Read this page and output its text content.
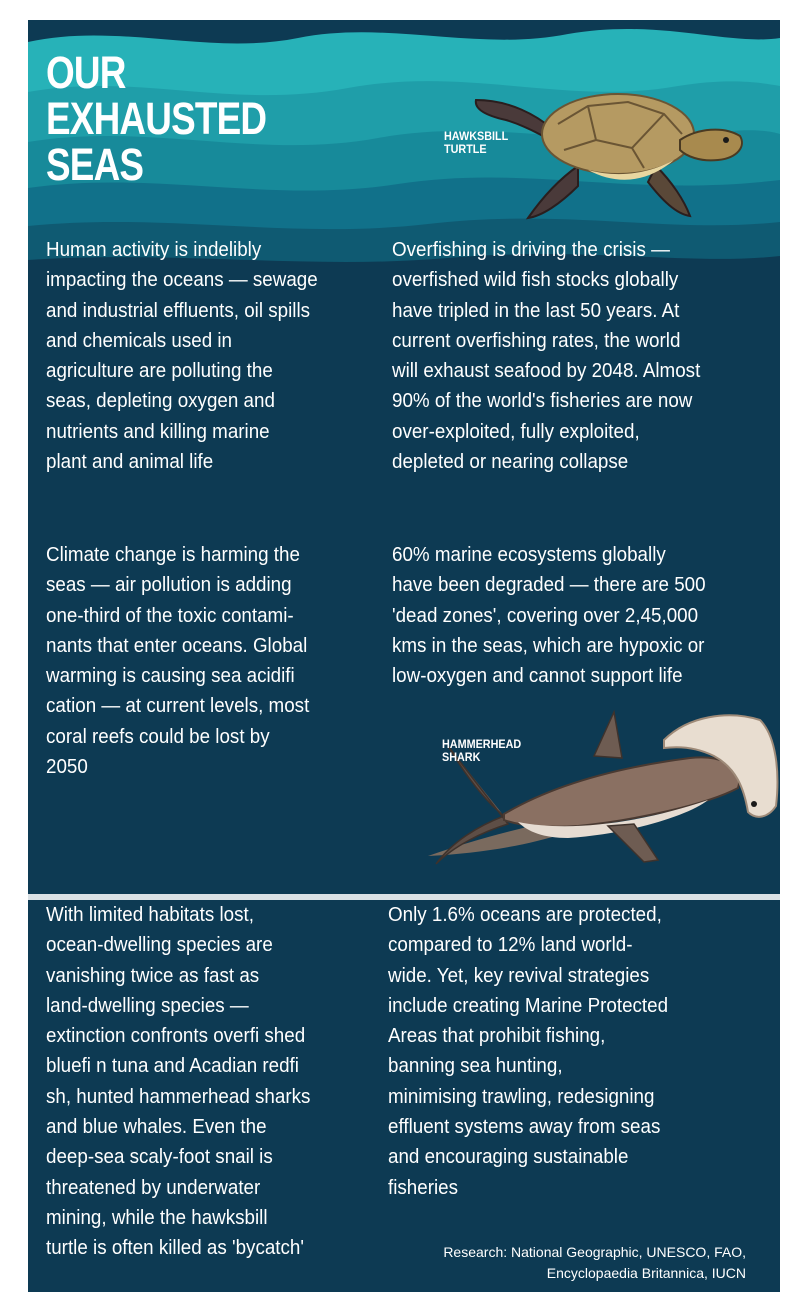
OUR
EXHAUSTED
SEAS
HAWKSBILL
TURTLE

Human activity is indelibly
impacting the oceans — sewage
and industrial effluents, oil spills
and chemicals used in
agriculture are polluting the
seas, depleting oxygen and
nutrients and killing marine
plant and animal life

Overfishing is driving the crisis —
overfished wild fish stocks globally
have tripled in the last 50 years. At
current overfishing rates, the world
will exhaust seafood by 2048. Almost
90% of the world's fisheries are now
over-exploited, fully exploited,
depleted or nearing collapse

Climate change is harming the
seas — air pollution is adding
one-third of the toxic contami-
nants that enter oceans. Global
warming is causing sea acidifi
cation — at current levels, most
coral reefs could be lost by
2050

60% marine ecosystems globally
have been degraded — there are 500
'dead zones', covering over 2,45,000
kms in the seas, which are hypoxic or
low-oxygen and cannot support life

HAMMERHEAD
SHARK

With limited habitats lost,
ocean-dwelling species are
vanishing twice as fast as
land-dwelling species —
extinction confronts overfi shed
bluefi n tuna and Acadian redfi
sh, hunted hammerhead sharks
and blue whales. Even the
deep-sea scaly-foot snail is
threatened by underwater
mining, while the hawksbill
turtle is often killed as 'bycatch'

Only 1.6% oceans are protected,
compared to 12% land world-
wide. Yet, key revival strategies
include creating Marine Protected
Areas that prohibit fishing,
banning sea hunting,
minimising trawling, redesigning
effluent systems away from seas
and encouraging sustainable
fisheries

Research: National Geographic, UNESCO, FAO,
Encyclopaedia Britannica, IUCN
